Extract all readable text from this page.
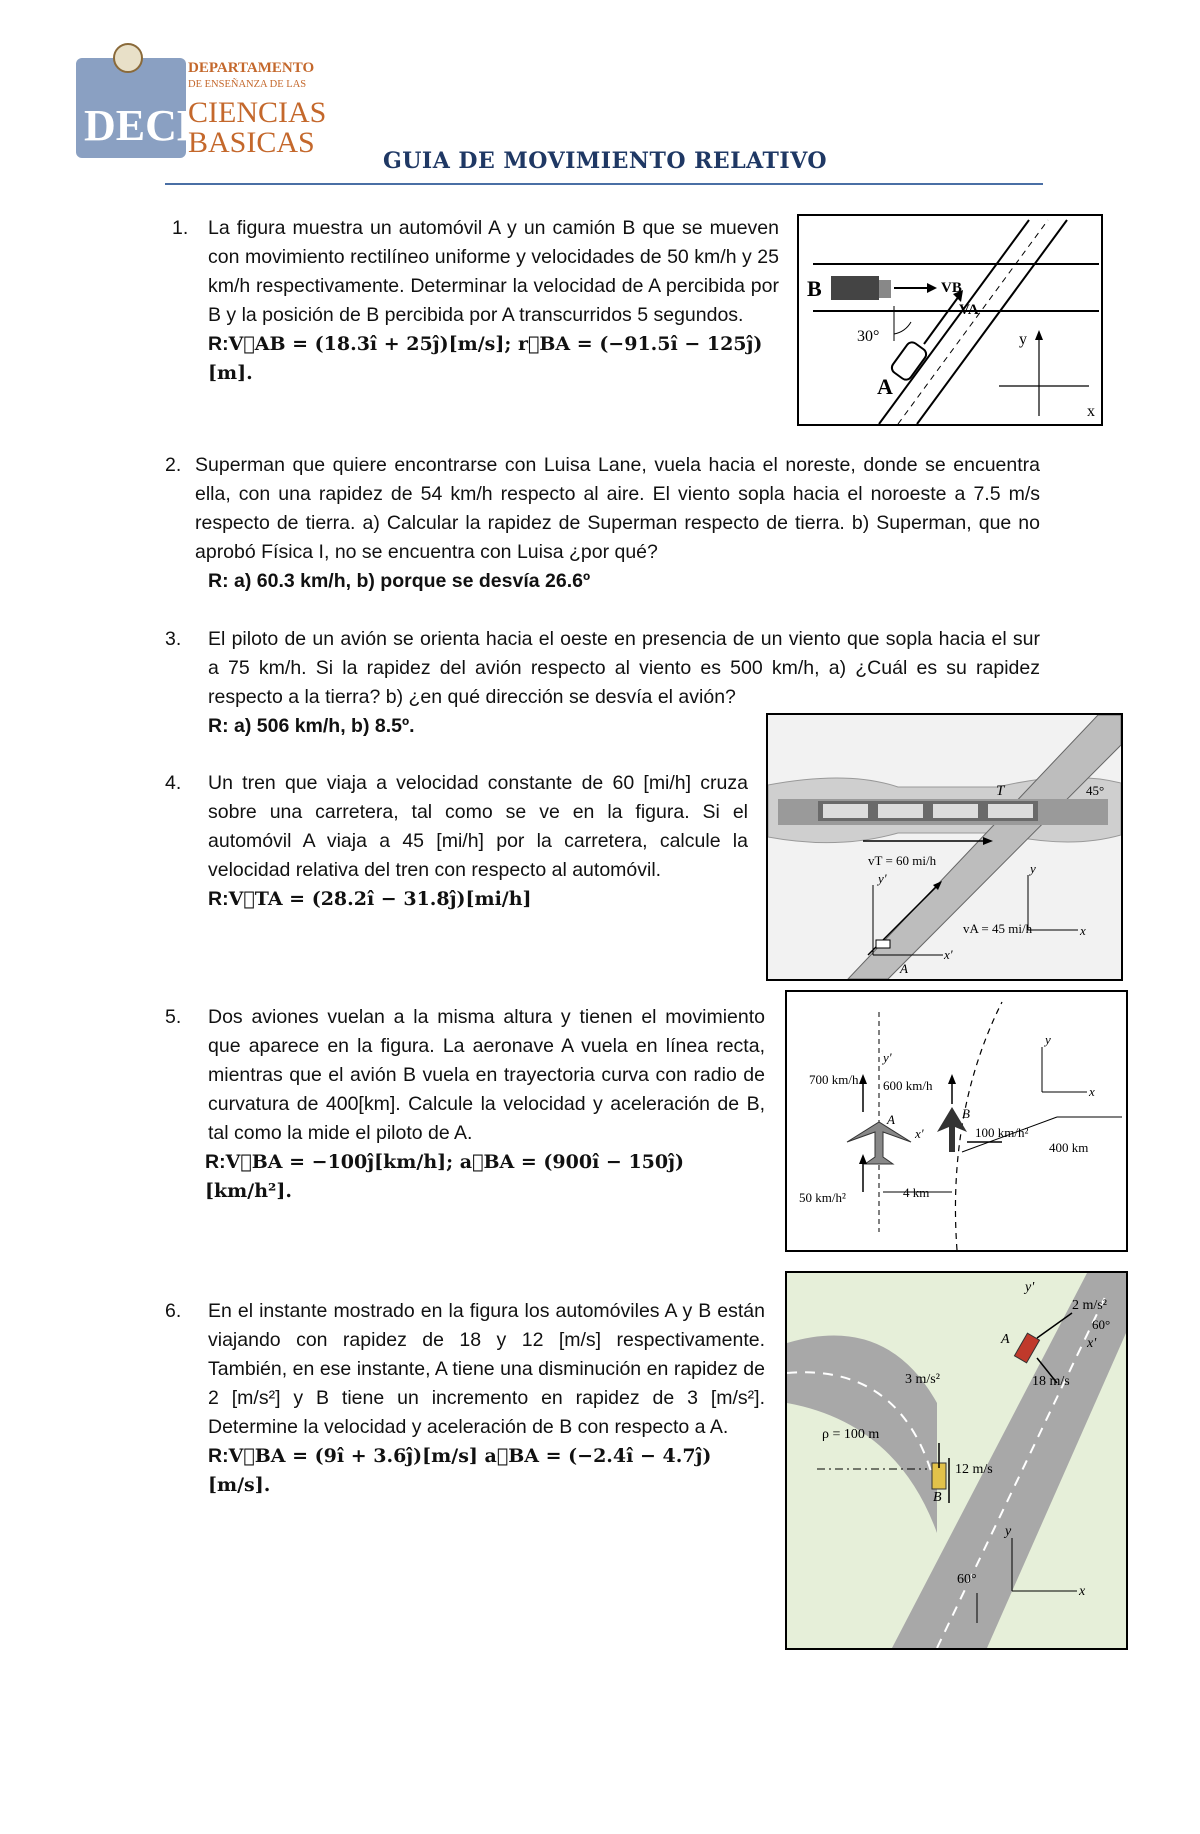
DECB
DEPARTAMENTO
DE ENSEÑANZA DE LAS
CIENCIAS
BASICAS
GUIA DE MOVIMIENTO RELATIVO
1. La figura muestra un automóvil A y un camión B que se mueven con movimiento rectilíneo uniforme y velocidades de 50 km/h y 25 km/h respectivamente. Determinar la velocidad de A percibida por B y la posición de B percibida por A transcurridos 5 segundos.
R:V⃗AB = (18.3î + 25ĵ)[m/s]; r⃗BA = (−91.5î − 125ĵ)[m].
B	VB
VA
30°
A
y
x
2. Superman que quiere encontrarse con Luisa Lane, vuela hacia el noreste, donde se encuentra ella, con una rapidez de 54 km/h respecto al aire. El viento sopla hacia el noroeste a 7.5 m/s respecto de tierra. a) Calcular la rapidez de Superman respecto de tierra. b) Superman, que no aprobó Física I, no se encuentra con Luisa ¿por qué?
R: a) 60.3 km/h, b) porque se desvía 26.6º
3. El piloto de un avión se orienta hacia el oeste en presencia de un viento que sopla hacia el sur a 75 km/h. Si la rapidez del avión respecto al viento es 500 km/h, a) ¿Cuál es su rapidez respecto a la tierra? b) ¿en qué dirección se desvía el avión?
R: a) 506 km/h, b) 8.5º.
4. Un tren que viaja a velocidad constante de 60 [mi/h] cruza sobre una carretera, tal como se ve en la figura. Si el automóvil A viaja a 45 [mi/h] por la carretera, calcule la velocidad relativa del tren con respecto al automóvil.
R:V⃗TA = (28.2î − 31.8ĵ)[mi/h]
T	45°
vT = 60 mi/h
vA = 45 mi/h
y'
x'
y
x
A
5. Dos aviones vuelan a la misma altura y tienen el movimiento que aparece en la figura. La aeronave A vuela en línea recta, mientras que el avión B vuela en trayectoria curva con radio de curvatura de 400[km]. Calcule la velocidad y aceleración de B, tal como la mide el piloto de A.
R:V⃗BA = −100ĵ[km/h]; a⃗BA = (900î − 150ĵ)[km/h²].
700 km/h 600 km/h
y'
A
x'
B
100 km/h²
400 km
50 km/h²	4 km
y
x
6. En el instante mostrado en la figura los automóviles A y B están viajando con rapidez de 18 y 12 [m/s] respectivamente. También, en ese instante, A tiene una disminución en rapidez de 2 [m/s²] y B tiene un incremento en rapidez de 3 [m/s²]. Determine la velocidad y aceleración de B con respecto a A.
R:V⃗BA = (9î + 3.6ĵ)[m/s] a⃗BA = (−2.4î − 4.7ĵ)[m/s].
y'
2 m/s²
60°
A	x'
18 m/s
3 m/s²
ρ = 100 m
12 m/s
B
y
60°
x
